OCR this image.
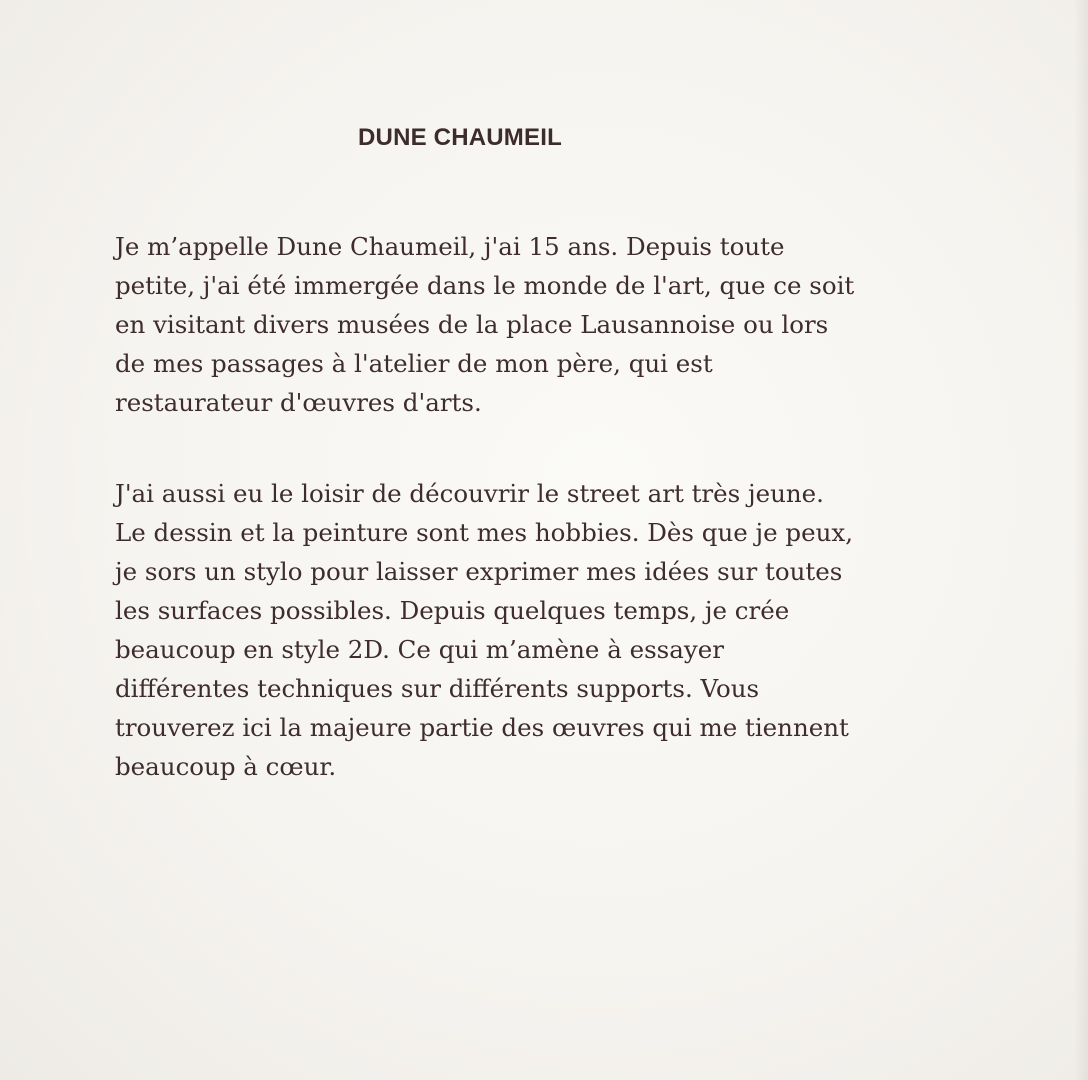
DUNE CHAUMEIL

Je m’appelle Dune Chaumeil, j'ai 15 ans. Depuis toute
petite, j'ai été immergée dans le monde de l'art, que ce soit
en visitant divers musées de la place Lausannoise ou lors
de mes passages à l'atelier de mon père, qui est
restaurateur d'œuvres d'arts.

J'ai aussi eu le loisir de découvrir le street art très jeune.
Le dessin et la peinture sont mes hobbies. Dès que je peux,
je sors un stylo pour laisser exprimer mes idées sur toutes
les surfaces possibles. Depuis quelques temps, je crée
beaucoup en style 2D. Ce qui m’amène à essayer
différentes techniques sur différents supports. Vous
trouverez ici la majeure partie des œuvres qui me tiennent
beaucoup à cœur.
